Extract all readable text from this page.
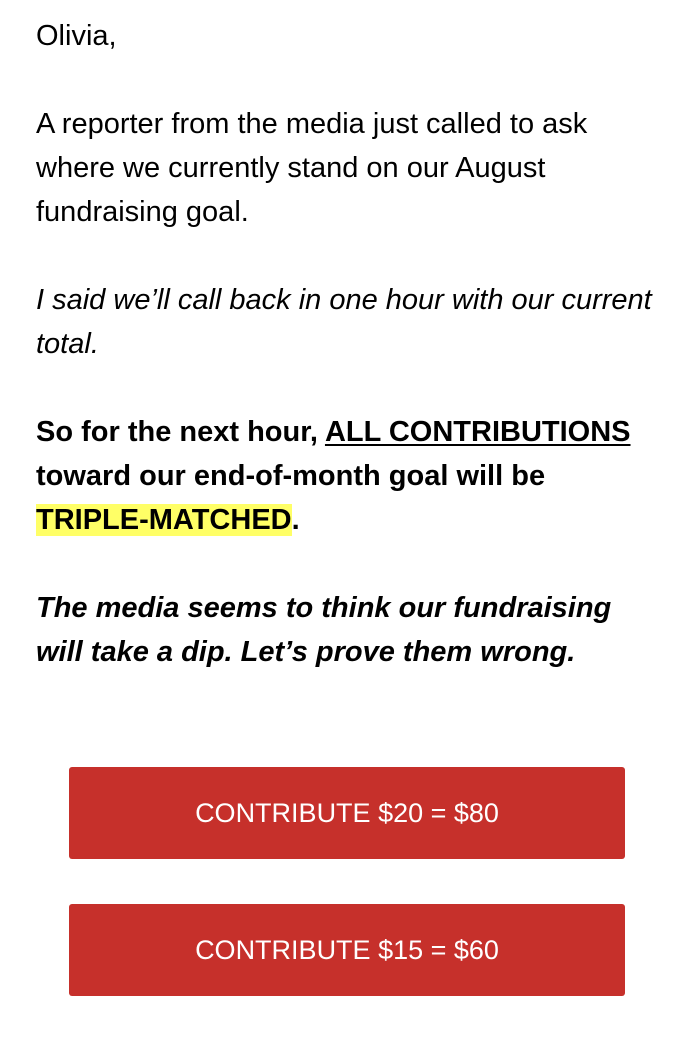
Olivia,

A reporter from the media just called to ask where we currently stand on our August fundraising goal.

I said we’ll call back in one hour with our current total.

So for the next hour, ALL CONTRIBUTIONS toward our end-of-month goal will be TRIPLE-MATCHED.

The media seems to think our fundraising will take a dip. Let’s prove them wrong.

CONTRIBUTE $20 = $80
CONTRIBUTE $15 = $60
